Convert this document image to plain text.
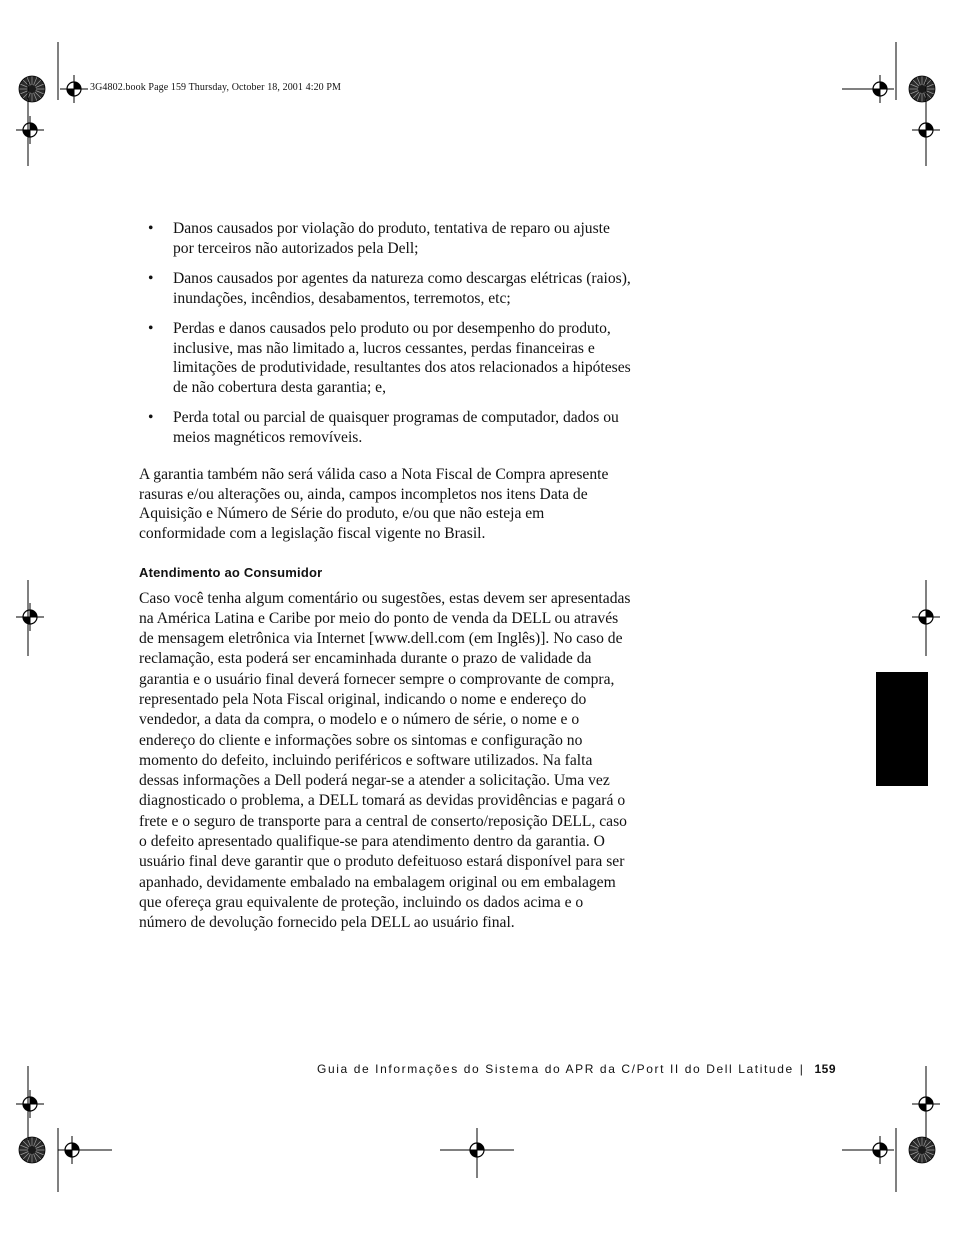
3G4802.book Page 159 Thursday, October 18, 2001 4:20 PM
• Danos causados por violação do produto, tentativa de reparo ou ajuste por terceiros não autorizados pela Dell;
• Danos causados por agentes da natureza como descargas elétricas (raios), inundações, incêndios, desabamentos, terremotos, etc;
• Perdas e danos causados pelo produto ou por desempenho do produto, inclusive, mas não limitado a, lucros cessantes, perdas financeiras e limitações de produtividade, resultantes dos atos relacionados a hipóteses de não cobertura desta garantia; e,
• Perda total ou parcial de quaisquer programas de computador, dados ou meios magnéticos removíveis.

A garantia também não será válida caso a Nota Fiscal de Compra apresente rasuras e/ou alterações ou, ainda, campos incompletos nos itens Data de Aquisição e Número de Série do produto, e/ou que não esteja em conformidade com a legislação fiscal vigente no Brasil.

Atendimento ao Consumidor

Caso você tenha algum comentário ou sugestões, estas devem ser apresentadas na América Latina e Caribe por meio do ponto de venda da DELL ou através de mensagem eletrônica via Internet [www.dell.com (em Inglês)]. No caso de reclamação, esta poderá ser encaminhada durante o prazo de validade da garantia e o usuário final deverá fornecer sempre o comprovante de compra, representado pela Nota Fiscal original, indicando o nome e endereço do vendedor, a data da compra, o modelo e o número de série, o nome e o endereço do cliente e informações sobre os sintomas e configuração no momento do defeito, incluindo periféricos e software utilizados. Na falta dessas informações a Dell poderá negar-se a atender a solicitação. Uma vez diagnosticado o problema, a DELL tomará as devidas providências e pagará o frete e o seguro de transporte para a central de conserto/reposição DELL, caso o defeito apresentado qualifique-se para atendimento dentro da garantia. O usuário final deve garantir que o produto defeituoso estará disponível para ser apanhado, devidamente embalado na embalagem original ou em embalagem que ofereça grau equivalente de proteção, incluindo os dados acima e o número de devolução fornecido pela DELL ao usuário final.

Guia de Informações do Sistema do APR da C/Port II do Dell Latitude | 159
